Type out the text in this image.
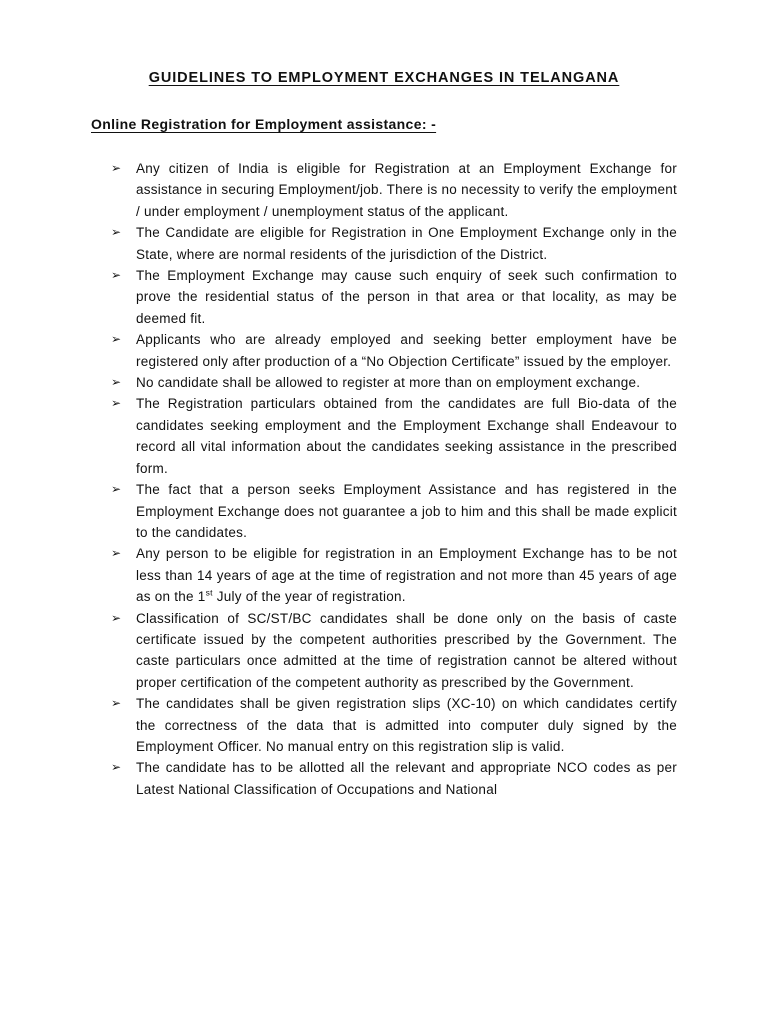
GUIDELINES TO EMPLOYMENT EXCHANGES IN TELANGANA
Online Registration for Employment assistance: -
➢ Any citizen of India is eligible for Registration at an Employment Exchange for assistance in securing Employment/job. There is no necessity to verify the employment / under employment / unemployment status of the applicant.
➢ The Candidate are eligible for Registration in One Employment Exchange only in the State, where are normal residents of the jurisdiction of the District.
➢ The Employment Exchange may cause such enquiry of seek such confirmation to prove the residential status of the person in that area or that locality, as may be deemed fit.
➢ Applicants who are already employed and seeking better employment have be registered only after production of a “No Objection Certificate” issued by the employer.
➢ No candidate shall be allowed to register at more than on employment exchange.
➢ The Registration particulars obtained from the candidates are full Bio-data of the candidates seeking employment and the Employment Exchange shall Endeavour to record all vital information about the candidates seeking assistance in the prescribed form.
➢ The fact that a person seeks Employment Assistance and has registered in the Employment Exchange does not guarantee a job to him and this shall be made explicit to the candidates.
➢ Any person to be eligible for registration in an Employment Exchange has to be not less than 14 years of age at the time of registration and not more than 45 years of age as on the 1st July of the year of registration.
➢ Classification of SC/ST/BC candidates shall be done only on the basis of caste certificate issued by the competent authorities prescribed by the Government. The caste particulars once admitted at the time of registration cannot be altered without proper certification of the competent authority as prescribed by the Government.
➢ The candidates shall be given registration slips (XC-10) on which candidates certify the correctness of the data that is admitted into computer duly signed by the Employment Officer. No manual entry on this registration slip is valid.
➢ The candidate has to be allotted all the relevant and appropriate NCO codes as per Latest National Classification of Occupations and National
